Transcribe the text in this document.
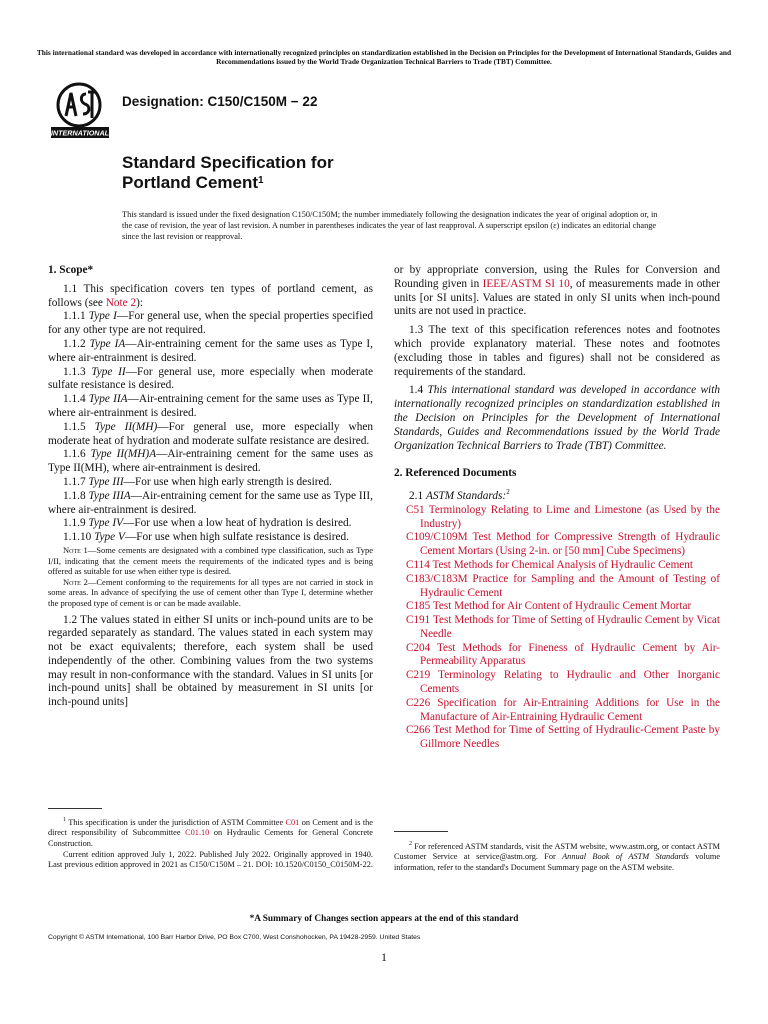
This international standard was developed in accordance with internationally recognized principles on standardization established in the Decision on Principles for the Development of International Standards, Guides and Recommendations issued by the World Trade Organization Technical Barriers to Trade (TBT) Committee.
INTERNATIONAL
Designation: C150/C150M − 22
Standard Specification for
Portland Cement$^1$
This standard is issued under the fixed designation C150/C150M; the number immediately following the designation indicates the year of original adoption or, in the case of revision, the year of last revision. A number in parentheses indicates the year of last reapproval. A superscript epsilon (ε) indicates an editorial change since the last revision or reapproval.

1. Scope*

1.1 This specification covers ten types of portland cement, as follows (see Note 2):

1.1.1 Type I—For general use, when the special properties specified for any other type are not required.

1.1.2 Type IA—Air-entraining cement for the same uses as Type I, where air-entrainment is desired.

1.1.3 Type II—For general use, more especially when moderate sulfate resistance is desired.

1.1.4 Type IIA—Air-entraining cement for the same uses as Type II, where air-entrainment is desired.

1.1.5 Type II(MH)—For general use, more especially when moderate heat of hydration and moderate sulfate resistance are desired.

1.1.6 Type II(MH)A—Air-entraining cement for the same uses as Type II(MH), where air-entrainment is desired.

1.1.7 Type III—For use when high early strength is desired.

1.1.8 Type IIIA—Air-entraining cement for the same use as Type III, where air-entrainment is desired.

1.1.9 Type IV—For use when a low heat of hydration is desired.

1.1.10 Type V—For use when high sulfate resistance is desired.

Note 1—Some cements are designated with a combined type classification, such as Type I/II, indicating that the cement meets the requirements of the indicated types and is being offered as suitable for use when either type is desired.

Note 2—Cement conforming to the requirements for all types are not carried in stock in some areas. In advance of specifying the use of cement other than Type I, determine whether the proposed type of cement is or can be made available.

1.2 The values stated in either SI units or inch-pound units are to be regarded separately as standard. The values stated in each system may not be exact equivalents; therefore, each system shall be used independently of the other. Combining values from the two systems may result in non-conformance with the standard. Values in SI units [or inch-pound units] shall be obtained by measurement in SI units [or inch-pound units]

or by appropriate conversion, using the Rules for Conversion and Rounding given in IEEE/ASTM SI 10, of measurements made in other units [or SI units]. Values are stated in only SI units when inch-pound units are not used in practice.

1.3 The text of this specification references notes and footnotes which provide explanatory material. These notes and footnotes (excluding those in tables and figures) shall not be considered as requirements of the standard.

1.4 This international standard was developed in accordance with internationally recognized principles on standardization established in the Decision on Principles for the Development of International Standards, Guides and Recommendations issued by the World Trade Organization Technical Barriers to Trade (TBT) Committee.

2. Referenced Documents

2.1 ASTM Standards:$^2$

C51 Terminology Relating to Lime and Limestone (as Used by the Industry)

C109/C109M Test Method for Compressive Strength of Hydraulic Cement Mortars (Using 2-in. or [50 mm] Cube Specimens)

C114 Test Methods for Chemical Analysis of Hydraulic Cement

C183/C183M Practice for Sampling and the Amount of Testing of Hydraulic Cement

C185 Test Method for Air Content of Hydraulic Cement Mortar

C191 Test Methods for Time of Setting of Hydraulic Cement by Vicat Needle

C204 Test Methods for Fineness of Hydraulic Cement by Air-Permeability Apparatus

C219 Terminology Relating to Hydraulic and Other Inorganic Cements

C226 Specification for Air-Entraining Additions for Use in the Manufacture of Air-Entraining Hydraulic Cement

C266 Test Method for Time of Setting of Hydraulic-Cement Paste by Gillmore Needles

$^1$ This specification is under the jurisdiction of ASTM Committee C01 on Cement and is the direct responsibility of Subcommittee C01.10 on Hydraulic Cements for General Concrete Construction.

Current edition approved July 1, 2022. Published July 2022. Originally approved in 1940. Last previous edition approved in 2021 as C150/C150M – 21. DOI: 10.1520/C0150_C0150M-22.

$^2$ For referenced ASTM standards, visit the ASTM website, www.astm.org, or contact ASTM Customer Service at service@astm.org. For Annual Book of ASTM Standards volume information, refer to the standard's Document Summary page on the ASTM website.

*A Summary of Changes section appears at the end of this standard
Copyright © ASTM International, 100 Barr Harbor Drive, PO Box C700, West Conshohocken, PA 19428-2959. United States
1
